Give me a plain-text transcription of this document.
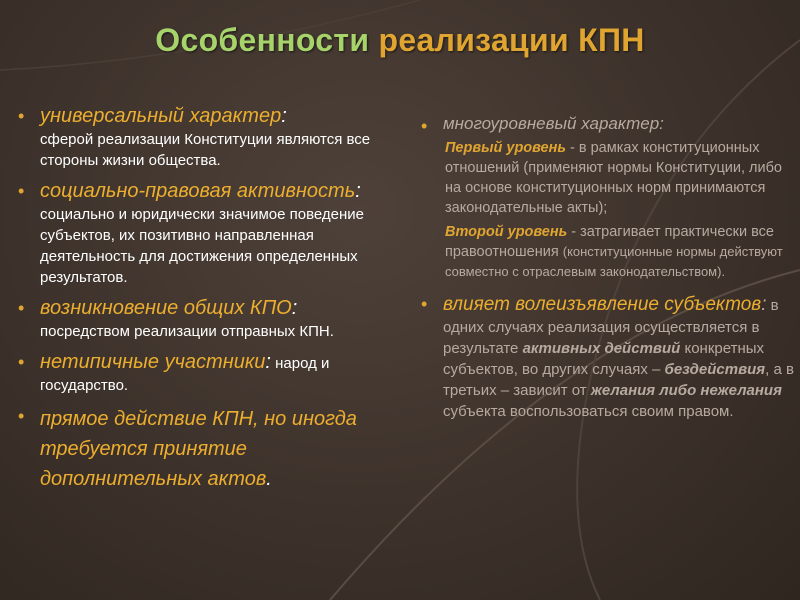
Особенности реализации КПН
• универсальный характер:
сферой реализации Конституции являются все стороны жизни общества.
• социально-правовая активность: социально и юридически значимое поведение субъектов, их позитивно направленная деятельность для достижения определенных результатов.
• возникновение общих КПО:
посредством реализации отправных КПН.
• нетипичные участники: народ и государство.
• прямое действие КПН, но иногда требуется принятие дополнительных актов.
• многоуровневый характер:
Первый уровень - в рамках конституционных отношений (применяют нормы Конституции, либо на основе конституционных норм принимаются законодательные акты);
Второй уровень - затрагивает практически все правоотношения (конституционные нормы действуют совместно с отраслевым законодательством).
• влияет волеизъявление субъектов: в одних случаях реализация осуществляется в результате активных действий конкретных субъектов, во других случаях – бездействия, а в третьих – зависит от желания либо нежелания субъекта воспользоваться своим правом.
